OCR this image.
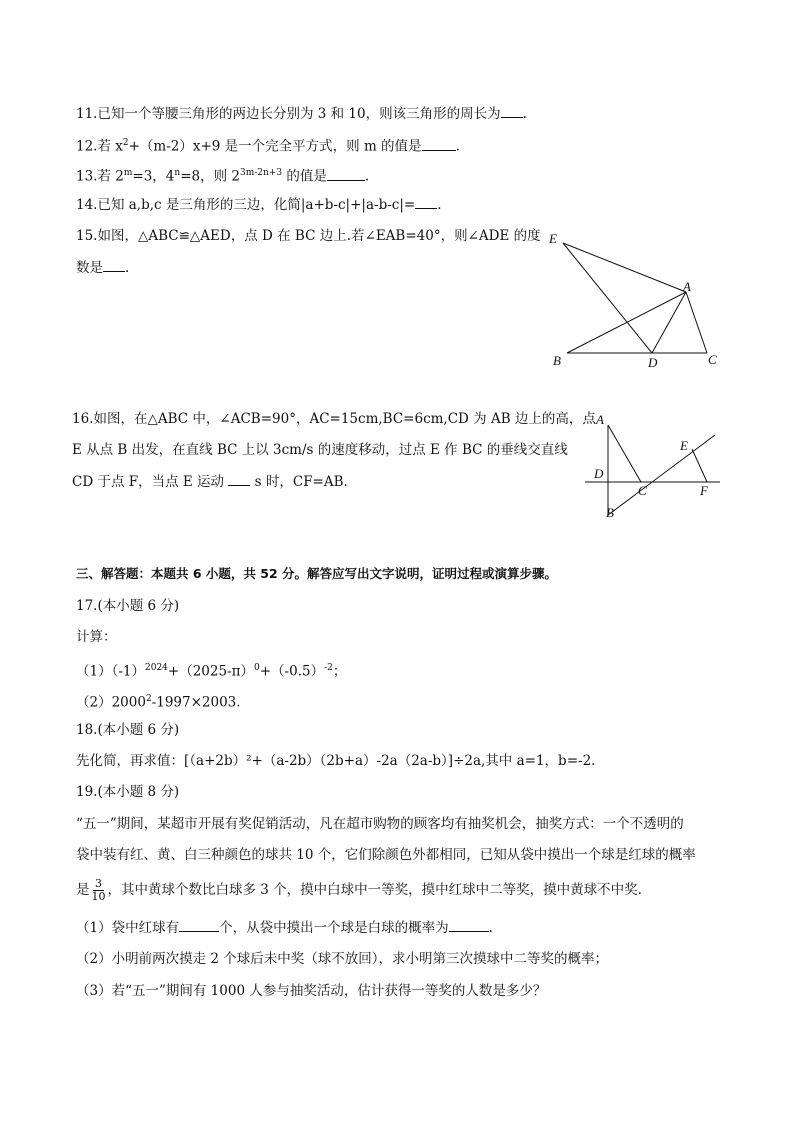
11.已知一个等腰三角形的两边长分别为 3 和 10，则该三角形的周长为 .
12.若 $x^2+(m-2)x+9$ 是一个完全平方式，则 m 的值是	.
13.若 $2^m=3$，$4^n=8$，则 $2^{3m-2n+3}$ 的值是	.
14.已知 a,b,c 是三角形的三边，化简|a+b-c|+|a-b-c|= .
15.如图，△ABC≌△AED，点 D 在 BC 边上.若∠EAB=40°，则∠ADE 的度
数是 .
E
A
B	D	C
16.如图，在△ABC 中，∠ACB=90°，AC=15cm,BC=6cm,CD 为 AB 边上的高，点
E 从点 B 出发，在直线 BC 上以 3cm/s 的速度移动，过点 E 作 BC 的垂线交直线
CD 于点 F，当点 E 运动 s 时，CF=AB.
A
D
C
B
E
F
三、解答题：本题共 6 小题，共 52 分。解答应写出文字说明，证明过程或演算步骤。
17.(本小题 6 分)
计算：
$(1)(-1)^{2024}+(2025-\pi)^0+(-0.5)^{-2}$；
$(2)2000^2-1997\times 2003$.
18.(本小题 6 分)
先化简，再求值：[（a+2b）²+（a-2b）（2b+a）-2a（2a-b）]÷2a,其中 a=1，b=-2.
19.(本小题 8 分)
“五一”期间，某超市开展有奖促销活动，凡在超市购物的顾客均有抽奖机会，抽奖方式：一个不透明的
袋中装有红、黄、白三种颜色的球共 10 个，它们除颜色外都相同，已知从袋中摸出一个球是红球的概率
是 $\frac{3}{10}$ ，其中黄球个数比白球多 3 个，摸中白球中一等奖，摸中红球中二等奖，摸中黄球不中奖.
（1）袋中红球有	个，从袋中摸出一个球是白球的概率为	.
（2）小明前两次摸走 2 个球后未中奖（球不放回），求小明第三次摸球中二等奖的概率；
（3）若“五一”期间有 1000 人参与抽奖活动，估计获得一等奖的人数是多少？
